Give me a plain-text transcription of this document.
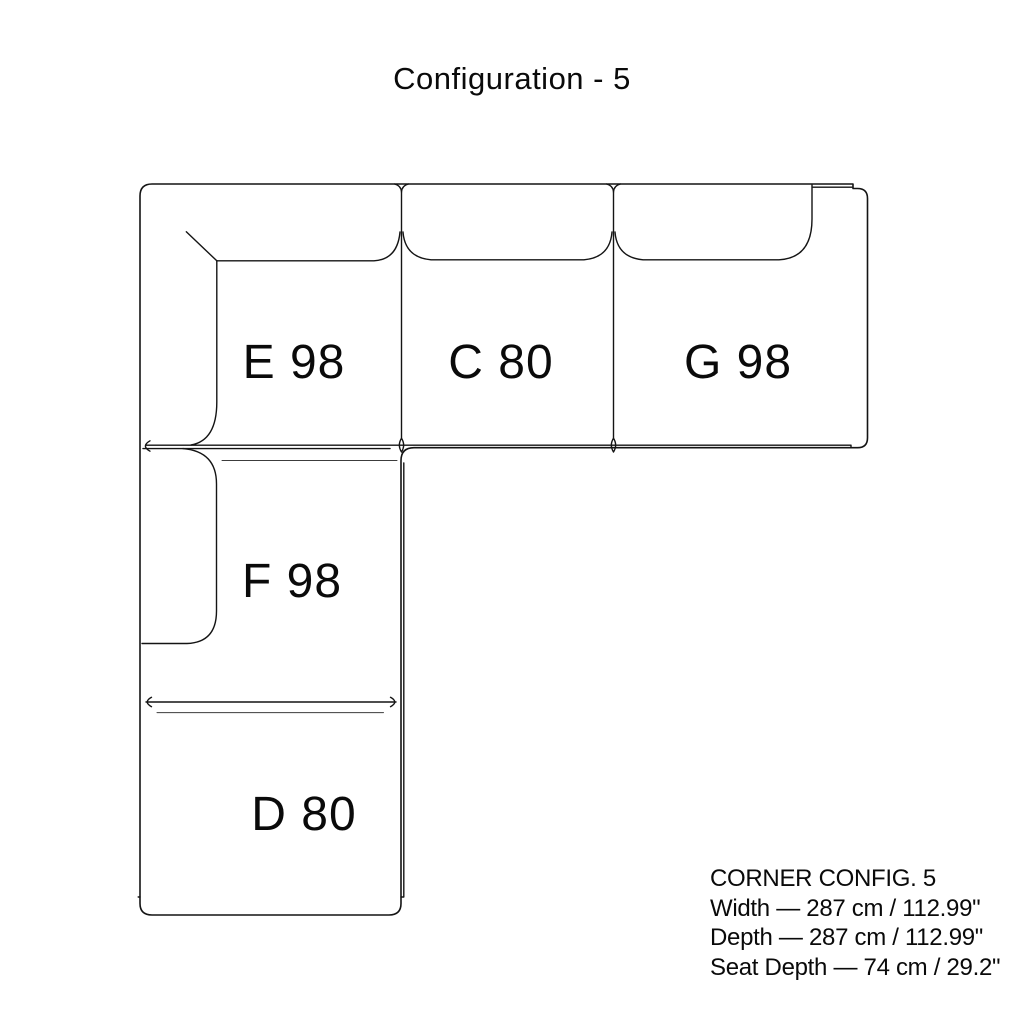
Configuration - 5
E 98 C 80	G 98
F 98
D 80
CORNER CONFIG. 5
Width — 287 cm / 112.99"
Depth — 287 cm / 112.99"
Seat Depth — 74 cm / 29.2"
